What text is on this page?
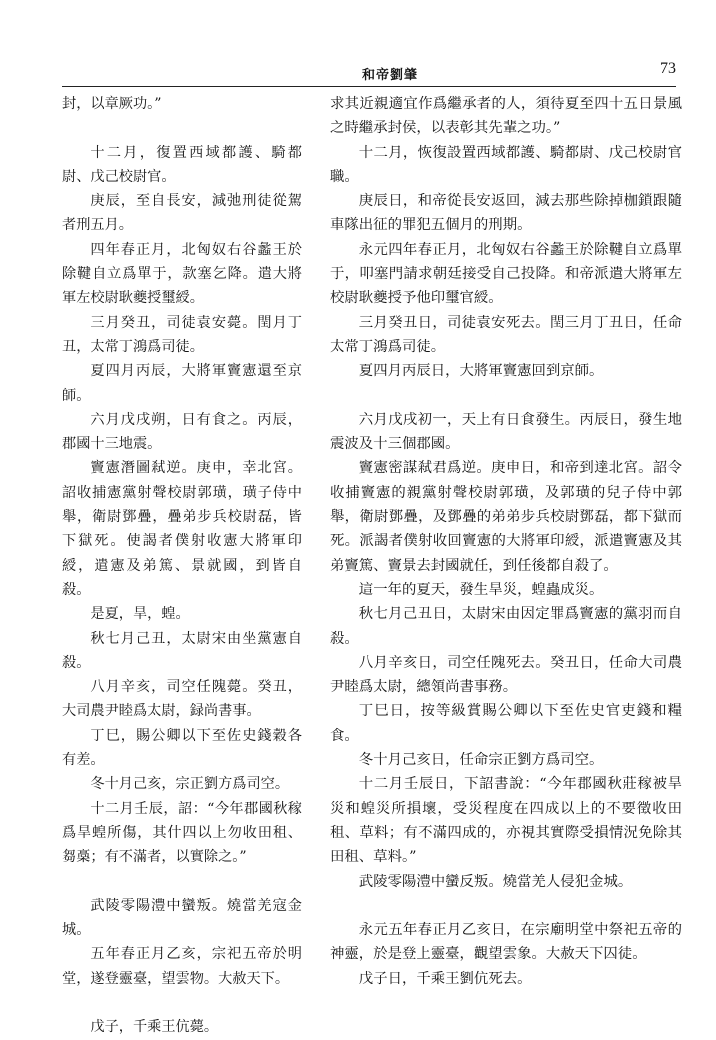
和帝劉肇	73

封，以章厥功。”

十二月，復置西域都護、騎都尉、戊己校尉官。

庚辰，至自長安，減弛刑徒從駕者刑五月。

四年春正月，北匈奴右谷蠡王於除鞬自立爲單于，款塞乞降。遣大將軍左校尉耿夔授璽綬。

三月癸丑，司徒袁安薨。閏月丁丑，太常丁鴻爲司徒。

夏四月丙辰，大將軍竇憲還至京師。

六月戊戌朔，日有食之。丙辰，郡國十三地震。

竇憲潛圖弒逆。庚申，幸北宮。詔收捕憲黨射聲校尉郭璜，璜子侍中舉，衛尉鄧疊，疊弟步兵校尉磊，皆下獄死。使謁者僕射收憲大將軍印綬，遣憲及弟篤、景就國，到皆自殺。

是夏，旱，蝗。

秋七月己丑，太尉宋由坐黨憲自殺。

八月辛亥，司空任隗薨。癸丑，大司農尹睦爲太尉，録尚書事。

丁巳，賜公卿以下至佐史錢穀各有差。

冬十月己亥，宗正劉方爲司空。

十二月壬辰，詔：“今年郡國秋稼爲旱蝗所傷，其什四以上勿收田租、芻槀；有不滿者，以實除之。”

武陵零陽澧中蠻叛。燒當羌寇金城。

五年春正月乙亥，宗祀五帝於明堂，遂登靈臺，望雲物。大赦天下。

戊子，千乘王伉薨。

求其近親適宜作爲繼承者的人，須待夏至四十五日景風之時繼承封侯，以表彰其先輩之功。”

十二月，恢復設置西域都護、騎都尉、戊己校尉官職。

庚辰日，和帝從長安返回，減去那些除掉枷鎖跟隨車隊出征的罪犯五個月的刑期。

永元四年春正月，北匈奴右谷蠡王於除鞬自立爲單于，叩塞門請求朝廷接受自己投降。和帝派遣大將軍左校尉耿夔授予他印璽官綬。

三月癸丑日，司徒袁安死去。閏三月丁丑日，任命太常丁鴻爲司徒。

夏四月丙辰日，大將軍竇憲回到京師。

六月戊戌初一，天上有日食發生。丙辰日，發生地震波及十三個郡國。

竇憲密謀弒君爲逆。庚申日，和帝到達北宮。詔令收捕竇憲的親黨射聲校尉郭璜，及郭璜的兒子侍中郭舉，衛尉鄧疊，及鄧疊的弟弟步兵校尉鄧磊，都下獄而死。派謁者僕射收回竇憲的大將軍印綬，派遣竇憲及其弟竇篤、竇景去封國就任，到任後都自殺了。

這一年的夏天，發生旱災，蝗蟲成災。

秋七月己丑日，太尉宋由因定罪爲竇憲的黨羽而自殺。

八月辛亥日，司空任隗死去。癸丑日，任命大司農尹睦爲太尉，總領尚書事務。

丁巳日，按等級賞賜公卿以下至佐史官吏錢和糧食。

冬十月己亥日，任命宗正劉方爲司空。

十二月壬辰日，下詔書說：“今年郡國秋莊稼被旱災和蝗災所損壞，受災程度在四成以上的不要徵收田租、草料；有不滿四成的，亦視其實際受損情況免除其田租、草料。”

武陵零陽澧中蠻反叛。燒當羌人侵犯金城。

永元五年春正月乙亥日，在宗廟明堂中祭祀五帝的神靈，於是登上靈臺，觀望雲象。大赦天下囚徒。

戊子日，千乘王劉伉死去。
